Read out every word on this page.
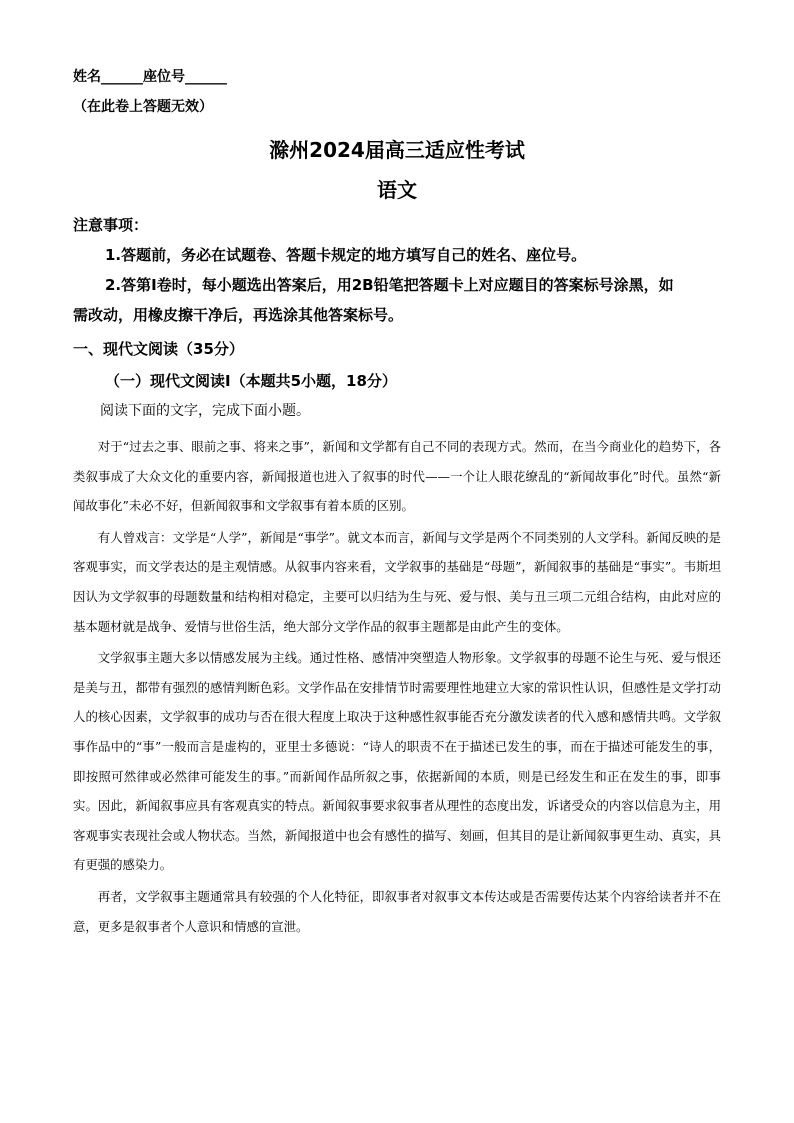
姓名______座位号______
（在此卷上答题无效）
滁州2024届高三适应性考试
语文
注意事项：
1.答题前，务必在试题卷、答题卡规定的地方填写自己的姓名、座位号。
2.答第Ⅰ卷时，每小题选出答案后，用2B铅笔把答题卡上对应题目的答案标号涂黑，如
需改动，用橡皮擦干净后，再选涂其他答案标号。
一、现代文阅读（35分）
（一）现代文阅读Ⅰ（本题共5小题，18分）
阅读下面的文字，完成下面小题。

对于“过去之事、眼前之事、将来之事”，新闻和文学都有自己不同的表现方式。然而，在当今商业化的趋势下，各类叙事成了大众文化的重要内容，新闻报道也进入了叙事的时代——一个让人眼花缭乱的“新闻故事化”时代。虽然“新闻故事化”未必不好，但新闻叙事和文学叙事有着本质的区别。

有人曾戏言：文学是“人学”，新闻是“事学”。就文本而言，新闻与文学是两个不同类别的人文学科。新闻反映的是客观事实，而文学表达的是主观情感。从叙事内容来看，文学叙事的基础是“母题”，新闻叙事的基础是“事实”。韦斯坦因认为文学叙事的母题数量和结构相对稳定，主要可以归结为生与死、爱与恨、美与丑三项二元组合结构，由此对应的基本题材就是战争、爱情与世俗生活，绝大部分文学作品的叙事主题都是由此产生的变体。

文学叙事主题大多以情感发展为主线。通过性格、感情冲突塑造人物形象。文学叙事的母题不论生与死、爱与恨还是美与丑，都带有强烈的感情判断色彩。文学作品在安排情节时需要理性地建立大家的常识性认识，但感性是文学打动人的核心因素，文学叙事的成功与否在很大程度上取决于这种感性叙事能否充分激发读者的代入感和感情共鸣。文学叙事作品中的“事”一般而言是虚构的，亚里士多德说：“诗人的职责不在于描述已发生的事，而在于描述可能发生的事，即按照可然律或必然律可能发生的事。”而新闻作品所叙之事，依据新闻的本质，则是已经发生和正在发生的事，即事实。因此，新闻叙事应具有客观真实的特点。新闻叙事要求叙事者从理性的态度出发，诉诸受众的内容以信息为主，用客观事实表现社会或人物状态。当然，新闻报道中也会有感性的描写、刻画，但其目的是让新闻叙事更生动、真实，具有更强的感染力。

再者，文学叙事主题通常具有较强的个人化特征，即叙事者对叙事文本传达或是否需要传达某个内容给读者并不在意，更多是叙事者个人意识和情感的宣泄。
